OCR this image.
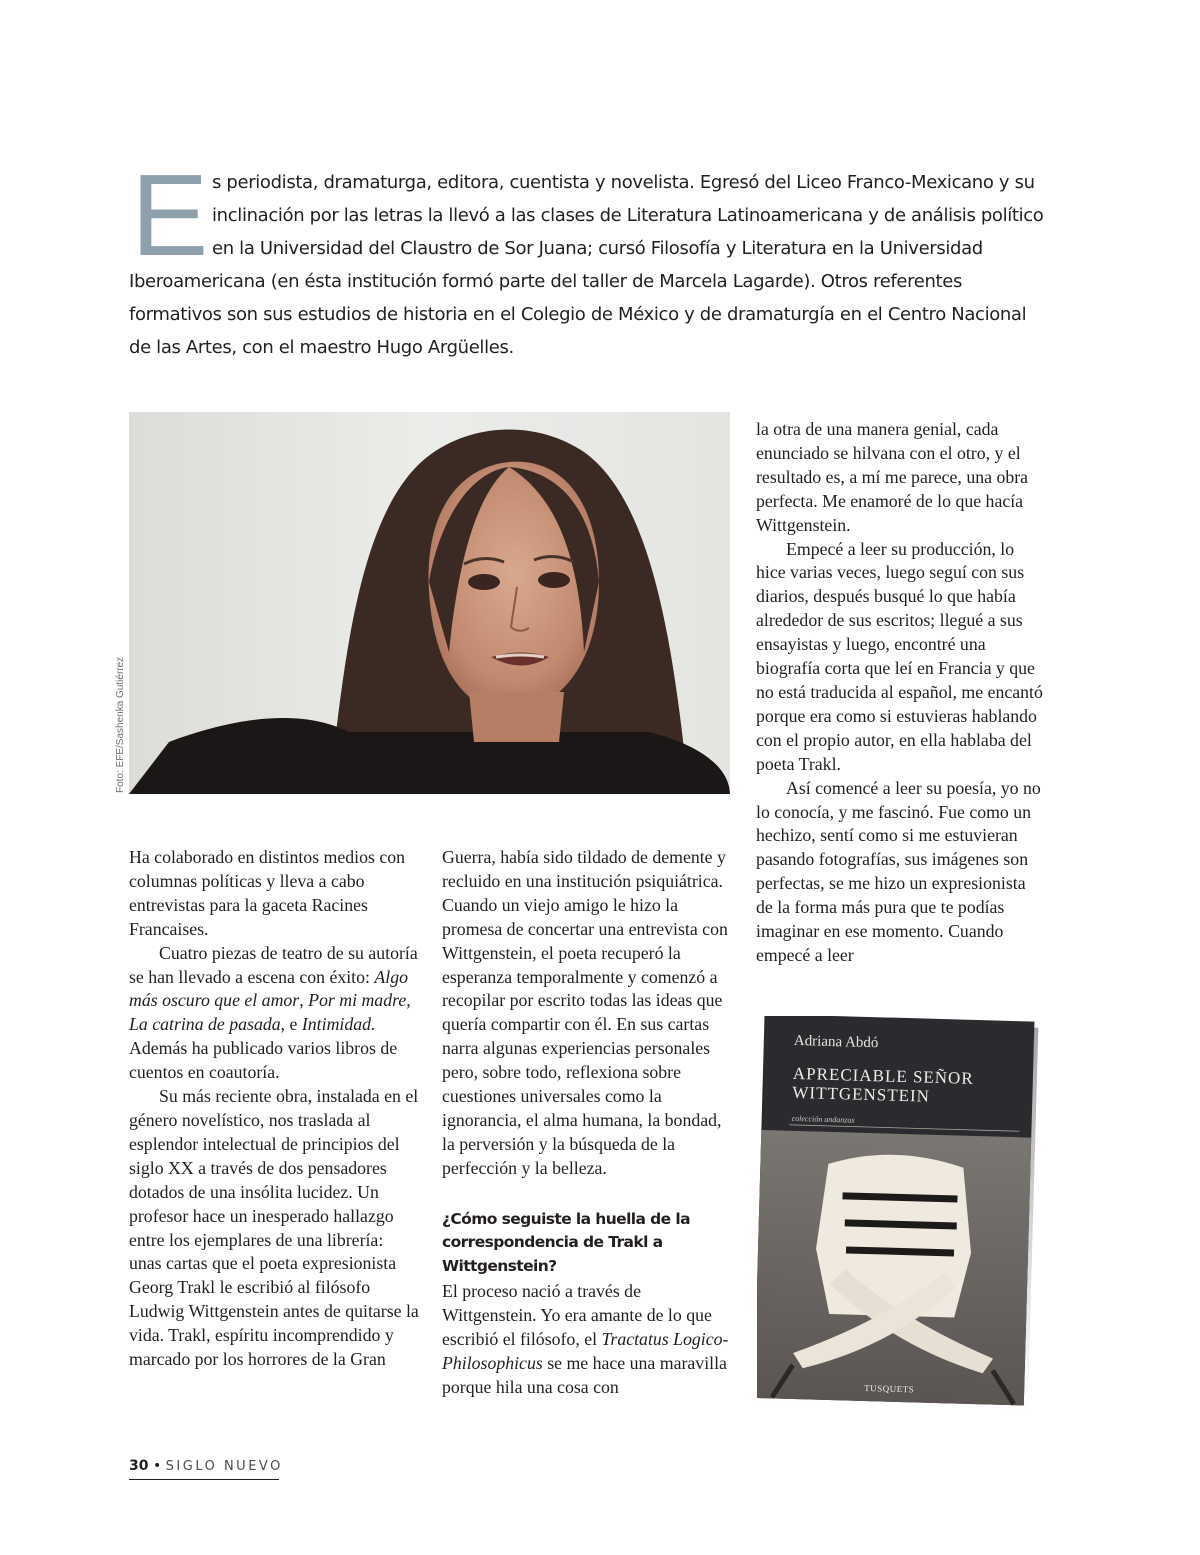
E s periodista, dramaturga, editora, cuentista y novelista. Egresó del Liceo Franco-Mexicano y su inclinación por las letras la llevó a las clases de Literatura Latinoamericana y de análisis político en la Universidad del Claustro de Sor Juana; cursó Filosofía y Literatura en la Universidad Iberoamericana (en ésta institución formó parte del taller de Marcela Lagarde). Otros referentes formativos son sus estudios de historia en el Colegio de México y de dramaturgía en el Centro Nacional de las Artes, con el maestro Hugo Argüelles.

Foto: EFE/Sashenka Gutiérrez

Ha colaborado en distintos medios con columnas políticas y lleva a cabo entrevistas para la gaceta Racines Francaises.

Cuatro piezas de teatro de su autoría se han llevado a escena con éxito: Algo más oscuro que el amor, Por mi madre, La catrina de pasada, e Intimidad. Además ha publicado varios libros de cuentos en coautoría.

Su más reciente obra, instalada en el género novelístico, nos traslada al esplendor intelectual de principios del siglo XX a través de dos pensadores dotados de una insólita lucidez. Un profesor hace un inesperado hallazgo entre los ejemplares de una librería: unas cartas que el poeta expresionista Georg Trakl le escribió al filósofo Ludwig Wittgenstein antes de quitarse la vida. Trakl, espíritu incomprendido y marcado por los horrores de la Gran

Guerra, había sido tildado de demente y recluido en una institución psiquiátrica. Cuando un viejo amigo le hizo la promesa de concertar una entrevista con Wittgenstein, el poeta recuperó la esperanza temporalmente y comenzó a recopilar por escrito todas las ideas que quería compartir con él. En sus cartas narra algunas experiencias personales pero, sobre todo, reflexiona sobre cuestiones universales como la ignorancia, el alma humana, la bondad, la perversión y la búsqueda de la perfección y la belleza.

¿Cómo seguiste la huella de la correspondencia de Trakl a Wittgenstein?

El proceso nació a través de Wittgenstein. Yo era amante de lo que escribió el filósofo, el Tractatus Logico-Philosophicus se me hace una maravilla porque hila una cosa con

la otra de una manera genial, cada enunciado se hilvana con el otro, y el resultado es, a mí me parece, una obra perfecta. Me enamoré de lo que hacía Wittgenstein.

Empecé a leer su producción, lo hice varias veces, luego seguí con sus diarios, después busqué lo que había alrededor de sus escritos; llegué a sus ensayistas y luego, encontré una biografía corta que leí en Francia y que no está traducida al español, me encantó porque era como si estuvieras hablando con el propio autor, en ella hablaba del poeta Trakl.

Así comencé a leer su poesía, yo no lo conocía, y me fascinó. Fue como un hechizo, sentí como si me estuvieran pasando fotografías, sus imágenes son perfectas, se me hizo un expresionista de la forma más pura que te podías imaginar en ese momento. Cuando empecé a leer

Adriana Abdó
APRECIABLE SEÑOR
WITTGENSTEIN
colección andanzas
TUSQUETS
30 • SIGLO NUEVO
